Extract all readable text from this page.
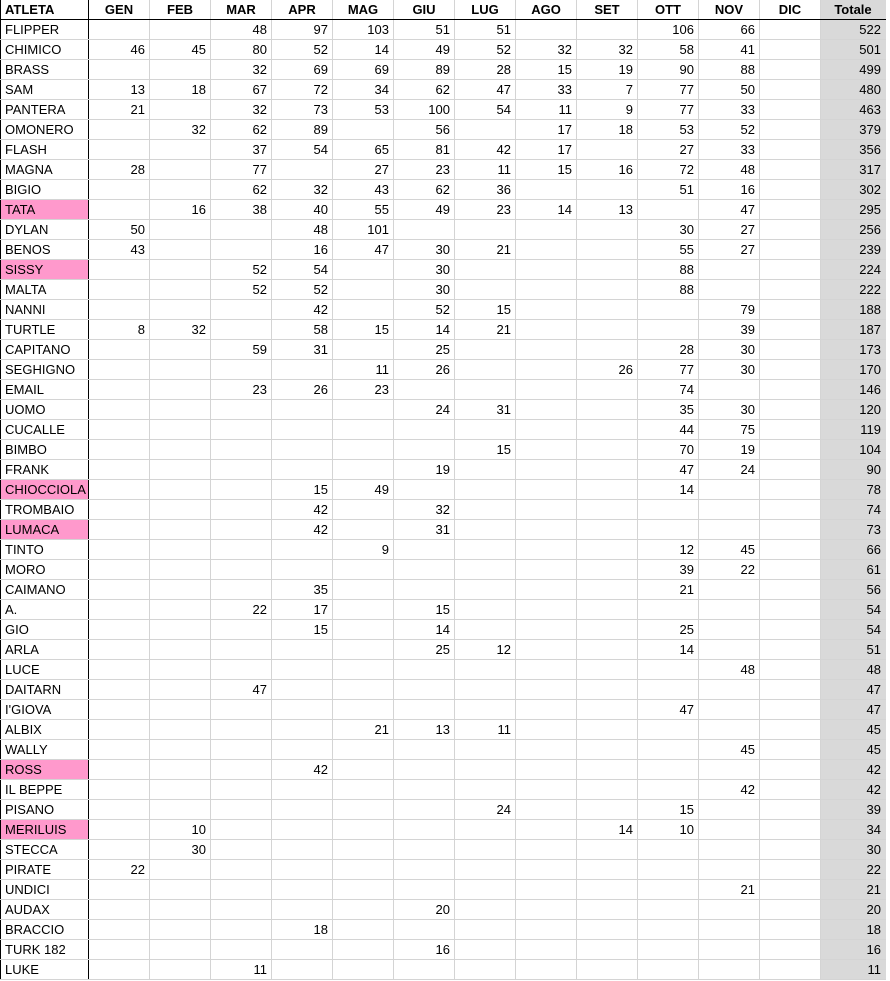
ATLETA	GEN	FEB	MAR	APR	MAG	GIU	LUG	AGO	SET	OTT	NOV	DIC	Totale
FLIPPER			48	97	103	51	51			106	66		522
CHIMICO	46	45	80	52	14	49	52	32	32	58	41		501
BRASS			32	69	69	89	28	15	19	90	88		499
SAM	13	18	67	72	34	62	47	33	7	77	50		480
PANTERA	21		32	73	53	100	54	11	9	77	33		463
OMONERO		32	62	89		56		17	18	53	52		379
FLASH			37	54	65	81	42	17		27	33		356
MAGNA	28		77		27	23	11	15	16	72	48		317
BIGIO			62	32	43	62	36			51	16		302
TATA		16	38	40	55	49	23	14	13		47		295
DYLAN	50			48	101					30	27		256
BENOS	43			16	47	30	21			55	27		239
SISSY			52	54		30				88			224
MALTA			52	52		30				88			222
NANNI				42		52	15				79		188
TURTLE	8	32		58	15	14	21				39		187
CAPITANO			59	31		25				28	30		173
SEGHIGNO					11	26			26	77	30		170
EMAIL			23	26	23					74			146
UOMO						24	31			35	30		120
CUCALLE										44	75		119
BIMBO							15			70	19		104
FRANK						19				47	24		90
CHIOCCIOLA				15	49					14			78
TROMBAIO				42		32							74
LUMACA				42		31							73
TINTO					9					12	45		66
MORO										39	22		61
CAIMANO				35						21			56
A.			22	17		15							54
GIO				15		14				25			54
ARLA						25	12			14			51
LUCE											48		48
DAITARN			47										47
I'GIOVA										47			47
ALBIX					21	13	11						45
WALLY											45		45
ROSS				42									42
IL BEPPE											42		42
PISANO							24			15			39
MERILUIS		10							14	10			34
STECCA		30											30
PIRATE	22												22
UNDICI											21		21
AUDAX						20							20
BRACCIO				18									18
TURK 182						16							16
LUKE			11										11
